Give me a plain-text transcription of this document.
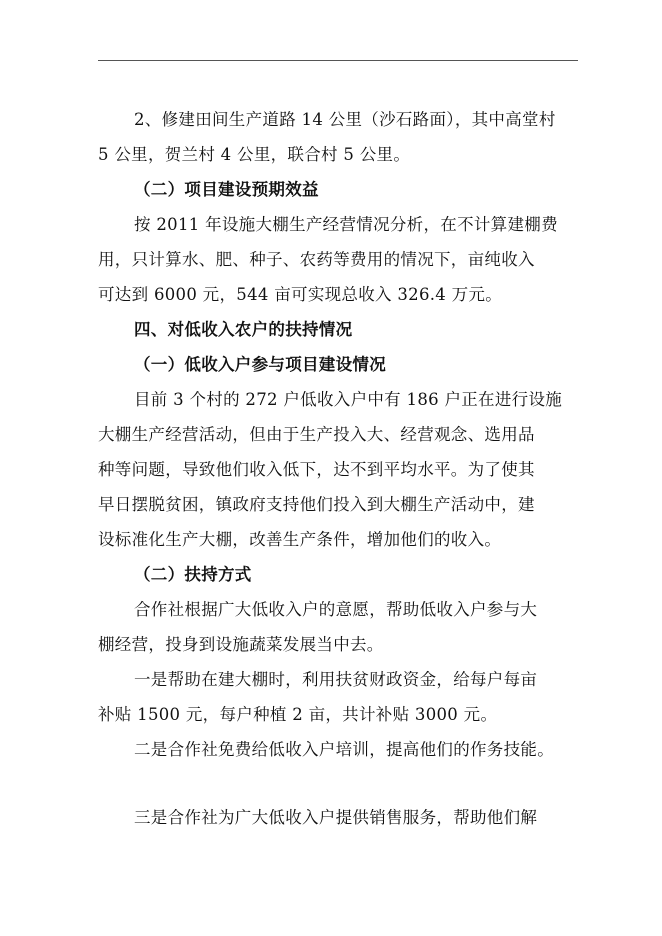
2、修建田间生产道路 14 公里（沙石路面），其中高堂村
5 公里，贺兰村 4 公里，联合村 5 公里。
（二）项目建设预期效益
按 2011 年设施大棚生产经营情况分析，在不计算建棚费
用，只计算水、肥、种子、农药等费用的情况下，亩纯收入
可达到 6000 元，544 亩可实现总收入 326.4 万元。
四、对低收入农户的扶持情况
（一）低收入户参与项目建设情况
目前 3 个村的 272 户低收入户中有 186 户正在进行设施
大棚生产经营活动，但由于生产投入大、经营观念、选用品
种等问题，导致他们收入低下，达不到平均水平。为了使其
早日摆脱贫困，镇政府支持他们投入到大棚生产活动中，建
设标准化生产大棚，改善生产条件，增加他们的收入。
（二）扶持方式
合作社根据广大低收入户的意愿，帮助低收入户参与大
棚经营，投身到设施蔬菜发展当中去。
一是帮助在建大棚时，利用扶贫财政资金，给每户每亩
补贴 1500 元，每户种植 2 亩，共计补贴 3000 元。
二是合作社免费给低收入户培训，提高他们的作务技能。
三是合作社为广大低收入户提供销售服务，帮助他们解
